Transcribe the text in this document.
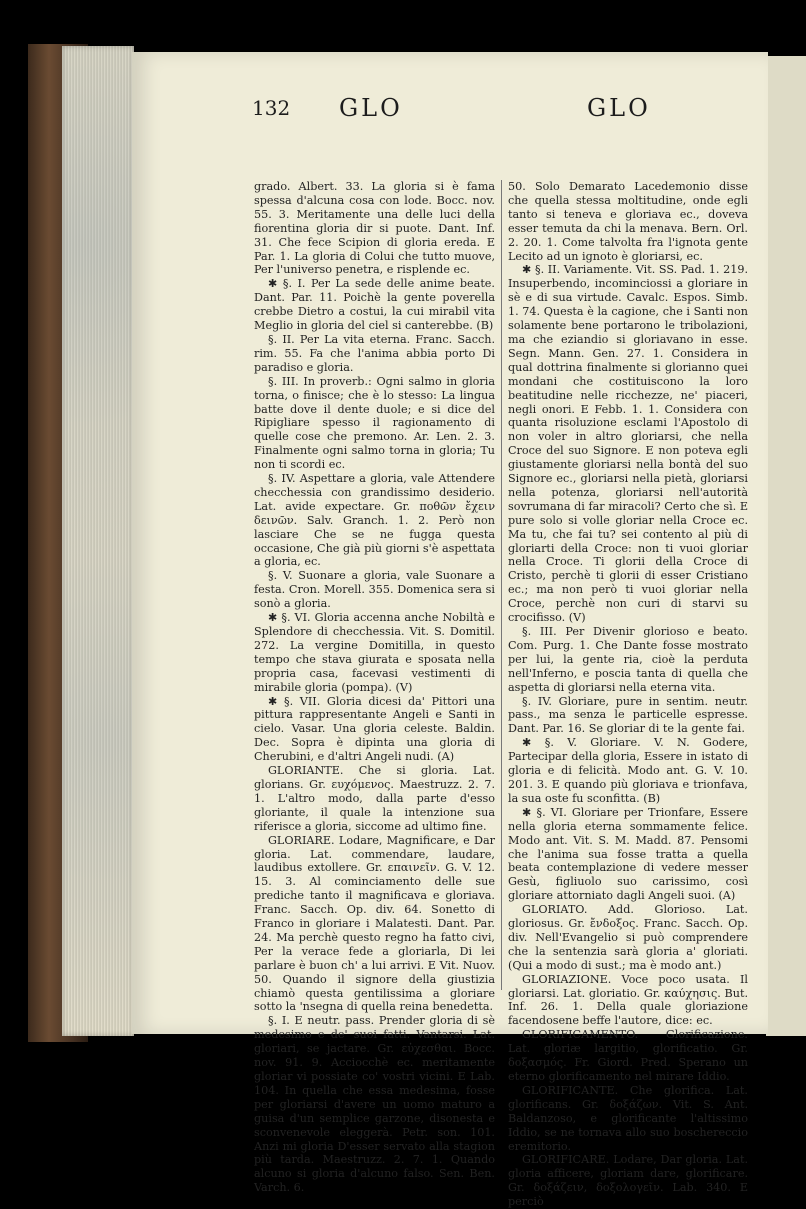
132 GLO	GLO

grado. Albert. 33. La gloria si è fama spessa d'alcuna cosa con lode. Bocc. nov. 55. 3. Meritamente una delle luci della fiorentina gloria dir si puote. Dant. Inf. 31. Che fece Scipion di gloria ereda. E Par. 1. La gloria di Colui che tutto muove, Per l'universo penetra, e risplende ec.

✱ §. I. Per La sede delle anime beate. Dant. Par. 11. Poichè la gente poverella crebbe Dietro a costui, la cui mirabil vita Meglio in gloria del ciel si canterebbe. (B)

§. II. Per La vita eterna. Franc. Sacch. rim. 55. Fa che l'anima abbia porto Di paradiso e gloria.

§. III. In proverb.: Ogni salmo in gloria torna, o finisce; che è lo stesso: La lingua batte dove il dente duole; e si dice del Ripigliare spesso il ragionamento di quelle cose che premono. Ar. Len. 2. 3. Finalmente ogni salmo torna in gloria; Tu non ti scordi ec.

§. IV. Aspettare a gloria, vale Attendere checchessia con grandissimo desiderio. Lat. avide expectare. Gr. ποθῶν ἔχειν δεινῶν. Salv. Granch. 1. 2. Però non lasciare Che se ne fugga questa occasione, Che già più giorni s'è aspettata a gloria, ec.

§. V. Suonare a gloria, vale Suonare a festa. Cron. Morell. 355. Domenica sera si sonò a gloria.

✱ §. VI. Gloria accenna anche Nobiltà e Splendore di checchessia. Vit. S. Domitil. 272. La vergine Domitilla, in questo tempo che stava giurata e sposata nella propria casa, facevasi vestimenti di mirabile gloria (pompa). (V)

✱ §. VII. Gloria dicesi da' Pittori una pittura rappresentante Angeli e Santi in cielo. Vasar. Una gloria celeste. Baldin. Dec. Sopra è dipinta una gloria di Cherubini, e d'altri Angeli nudi. (A)

GLORIANTE. Che si gloria. Lat. glorians. Gr. ευχόμενος. Maestruzz. 2. 7. 1. L'altro modo, dalla parte d'esso gloriante, il quale la intenzione sua riferisce a gloria, siccome ad ultimo fine.

GLORIARE. Lodare, Magnificare, e Dar gloria. Lat. commendare, laudare, laudibus extollere. Gr. επαινεῖν. G. V. 12. 15. 3. Al cominciamento delle sue prediche tanto il magnificava e gloriava. Franc. Sacch. Op. div. 64. Sonetto di Franco in gloriare i Malatesti. Dant. Par. 24. Ma perchè questo regno ha fatto civi, Per la verace fede a gloriarla, Di lei parlare è buon ch' a lui arrivi. E Vit. Nuov. 50. Quando il signore della giustizia chiamò questa gentilissima a gloriare sotto la 'nsegna di quella reina benedetta.

§. I. E neutr. pass. Prender gloria di sè medesimo e de' suoi fatti. Vantarsi. Lat. gloriari, se jactare. Gr. εὐχεσθαι. Bocc. nov. 91. 9. Acciocchè ec. meritamente gloriar vi possiate co' vostri vicini. E Lab. 104. In quella che essa medesima, fosse per gloriarsi d'avere un uomo maturo a guisa d'un semplice garzone, disonesta e sconvenevole eleggerà. Petr. son. 101. Anzi mi gloria D'esser servato alla stagion più tarda. Maestruzz. 2. 7. 1. Quando alcuno si gloria d'alcuno falso. Sen. Ben. Varch. 6.

50. Solo Demarato Lacedemonio disse che quella stessa moltitudine, onde egli tanto si teneva e gloriava ec., doveva esser temuta da chi la menava. Bern. Orl. 2. 20. 1. Come talvolta fra l'ignota gente Lecito ad un ignoto è gloriarsi, ec.

✱ §. II. Variamente. Vit. SS. Pad. 1. 219. Insuperbendo, incominciossi a gloriare in sè e di sua virtude. Cavalc. Espos. Simb. 1. 74. Questa è la cagione, che i Santi non solamente bene portarono le tribolazioni, ma che eziandio si gloriavano in esse. Segn. Mann. Gen. 27. 1. Considera in qual dottrina finalmente si glorianno quei mondani che costituiscono la loro beatitudine nelle ricchezze, ne' piaceri, negli onori. E Febb. 1. 1. Considera con quanta risoluzione esclami l'Apostolo di non voler in altro gloriarsi, che nella Croce del suo Signore. E non poteva egli giustamente gloriarsi nella bontà del suo Signore ec., gloriarsi nella pietà, gloriarsi nella potenza, gloriarsi nell'autorità sovrumana di far miracoli? Certo che sì. E pure solo si volle gloriar nella Croce ec. Ma tu, che fai tu? sei contento al più di gloriarti della Croce: non ti vuoi gloriar nella Croce. Ti glorii della Croce di Cristo, perchè ti glorii di esser Cristiano ec.; ma non però ti vuoi gloriar nella Croce, perchè non curi di starvi su crocifisso. (V)

§. III. Per Divenir glorioso e beato. Com. Purg. 1. Che Dante fosse mostrato per lui, la gente ria, cioè la perduta nell'Inferno, e poscia tanta di quella che aspetta di gloriarsi nella eterna vita.

§. IV. Gloriare, pure in sentim. neutr. pass., ma senza le particelle espresse. Dant. Par. 16. Se gloriar di te la gente fai.

✱ §. V. Gloriare. V. N. Godere, Partecipar della gloria, Essere in istato di gloria e di felicità. Modo ant. G. V. 10. 201. 3. E quando più gloriava e trionfava, la sua oste fu sconfitta. (B)

✱ §. VI. Gloriare per Trionfare, Essere nella gloria eterna sommamente felice. Modo ant. Vit. S. M. Madd. 87. Pensomi che l'anima sua fosse tratta a quella beata contemplazione di vedere messer Gesù, figliuolo suo carissimo, così gloriare attorniato dagli Angeli suoi. (A)

GLORIATO. Add. Glorioso. Lat. gloriosus. Gr. ἔνδοξος. Franc. Sacch. Op. div. Nell'Evangelio si può comprendere che la sentenzia sarà gloria a' gloriati. (Qui a modo di sust.; ma è modo ant.)

GLORIAZIONE. Voce poco usata. Il gloriarsi. Lat. gloriatio. Gr. καύχησις. But. Inf. 26. 1. Della quale gloriazione facendosene beffe l'autore, dice: ec.

GLORIFICAMENTO. Glorificazione. Lat. gloriæ largitio, glorificatio. Gr. δοξασμός. Fr. Giord. Pred. Sperano un eterno glorificamento nel mirare Iddio.

GLORIFICANTE. Che glorifica. Lat. glorificans. Gr. δοξάζων. Vit. S. Ant. Baldanzoso, e glorificante l'altissimo Iddio, se ne tornava allo suo boschereccio eremitorio.

GLORIFICARE. Lodare, Dar gloria. Lat. gloria afficere, gloriam dare, glorificare. Gr. δοξάζειν, δοξολογεῖν. Lab. 340. E perciò
